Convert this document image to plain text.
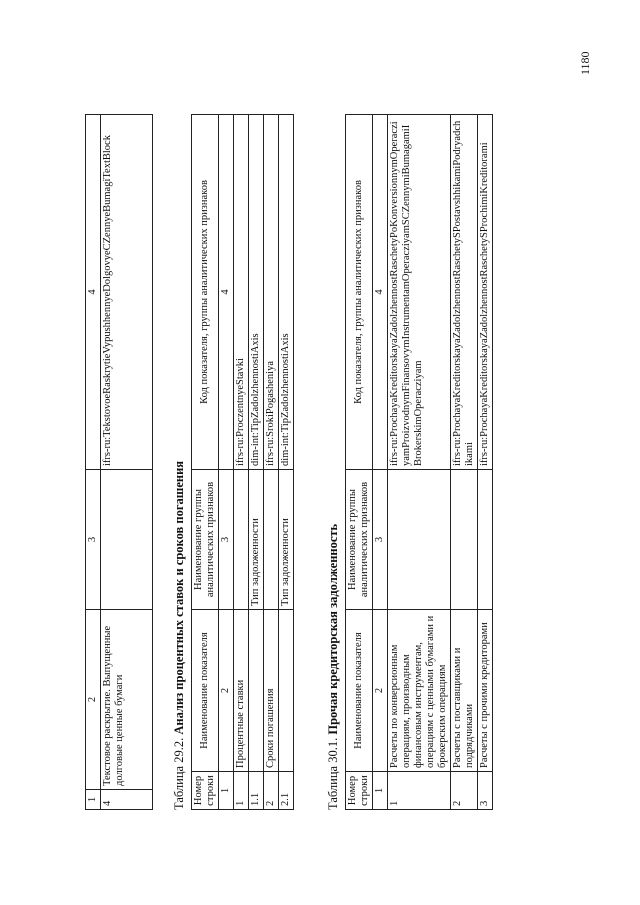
1	2	3	4
4	Текстовое раскрытие. Выпущенные долговые ценные бумаги		ifrs-ru:TekstovoeRaskrytieVypushhennyeDolgovyeCZennyeBumagiTextBlock
Таблица 29.2. Анализ процентных ставок и сроков погашения
Номер строки	Наименование показателя	Наименование группы аналитических признаков	Код показателя, группы аналитических признаков
1	2	3	4
1	Процентные ставки		ifrs-ru:ProczentnyeStavki
1.1		Тип задолженности	dim-int:TipZadolzhennostiAxis
2	Сроки погашения		ifrs-ru:SrokiPogasheniya
2.1		Тип задолженности	dim-int:TipZadolzhennostiAxis
Таблица 30.1. Прочая кредиторская задолженность
Номер строки	Наименование показателя	Наименование группы аналитических признаков	Код показателя, группы аналитических признаков
1	2	3	4
1	Расчеты по конверсионным операциям, производным финансовым инструментам, операциям с ценными бумагами и брокерским операциям		ifrs-ru:ProchayaKreditorskayaZadolzhennostRaschetyPoKonversionnymOperacziyamProizvodnymFinansovymInstrumentamOperacziyamSCZennymiBumagamiIBrokerskimOperacziyam
2	Расчеты с поставщиками и подрядчиками		ifrs-ru:ProchayaKreditorskayaZadolzhennostRaschetySPostavshhikamiPodryadchikami
3	Расчеты с прочими кредиторами		ifrs-ru:ProchayaKreditorskayaZadolzhennostRaschetySProchimiKreditorami
1180
